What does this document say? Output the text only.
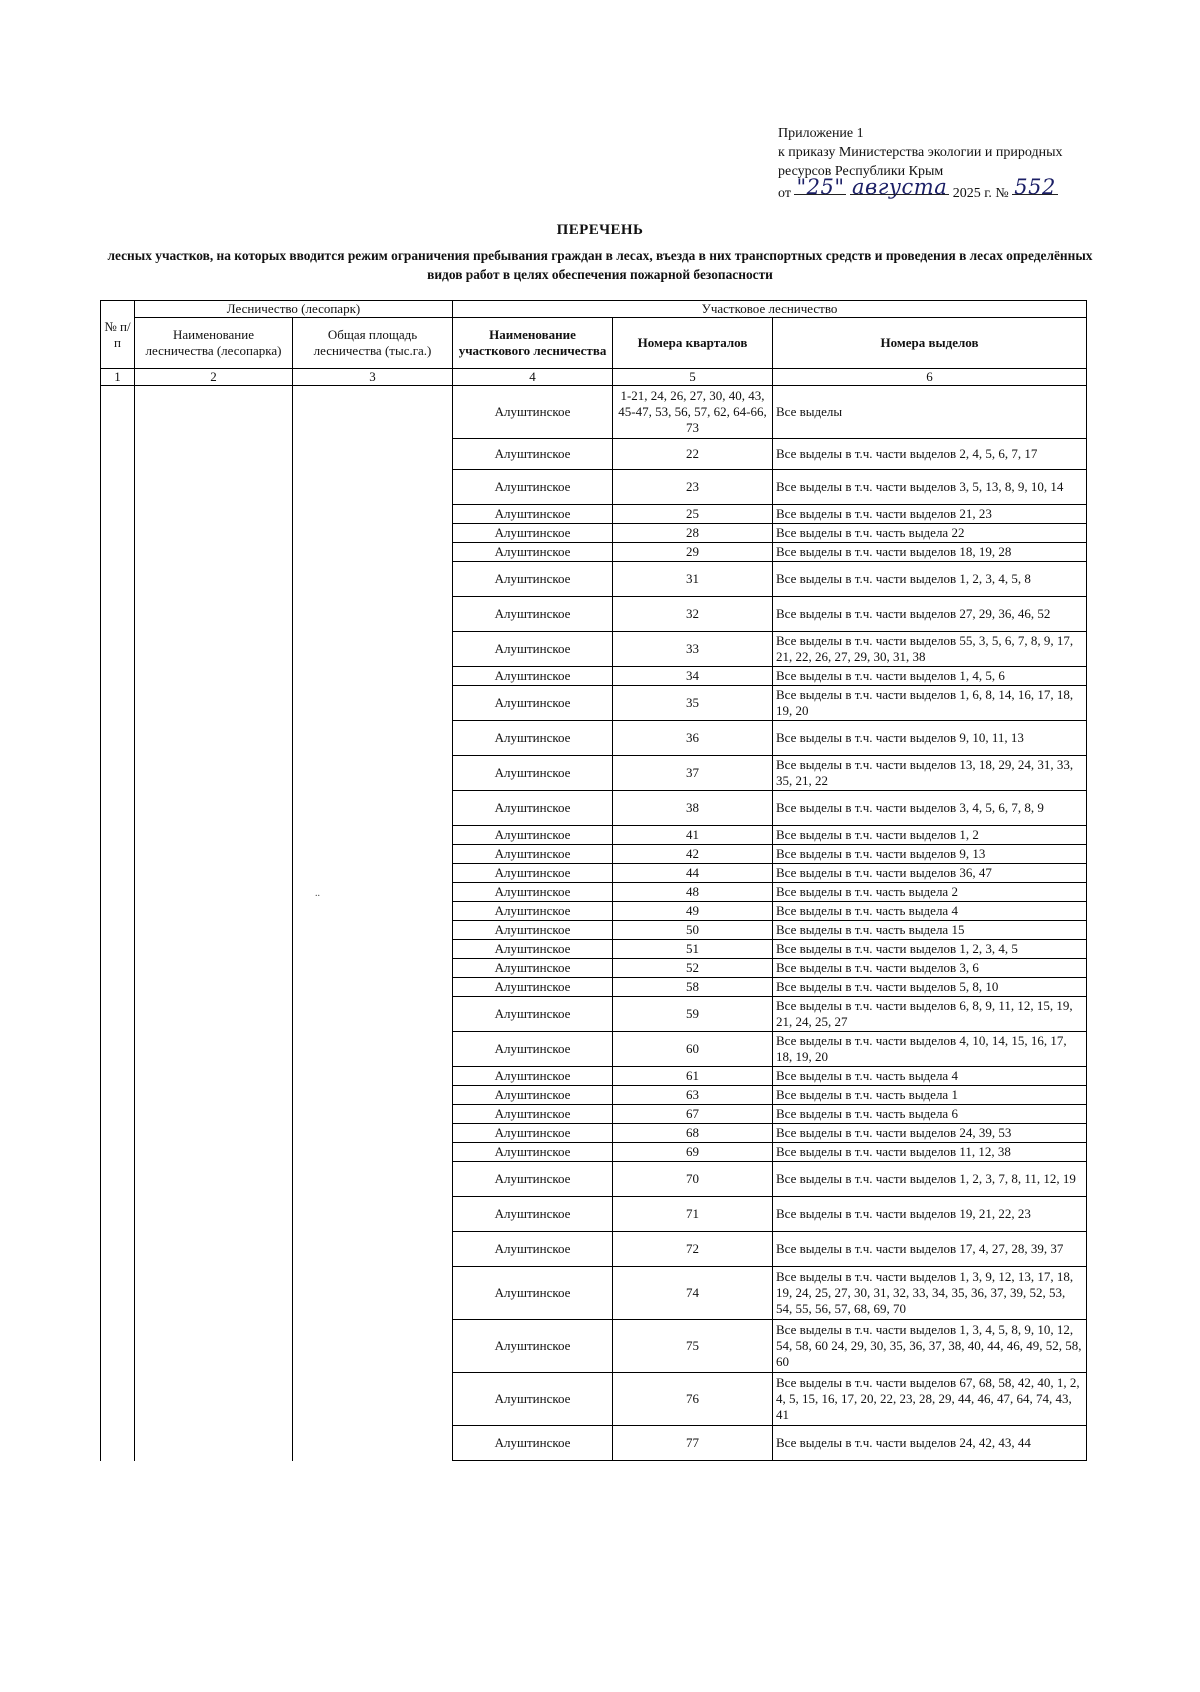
Приложение 1
к приказу Министерства экологии и природных
ресурсов Республики Крым
от "25" августа 2025 г. № 552
ПЕРЕЧЕНЬ
лесных участков, на которых вводится режим ограничения пребывания граждан в лесах, въезда в них транспортных средств и проведения в лесах определённых видов работ в целях обеспечения пожарной безопасности
№ п/п	Лесничество (лесопарк)		Участковое лесничество		
	Наименование лесничества (лесопарка)	Общая площадь лесничества (тыс.га.)	Наименование участкового лесничества	Номера кварталов	Номера выделов
1	2	3	4	5	6
			Алуштинское	1-21, 24, 26, 27, 30, 40, 43, 45-47, 53, 56, 57, 62, 64-66, 73	Все выделы
			Алуштинское	22	Все выделы в т.ч. части выделов 2, 4, 5, 6, 7, 17
			Алуштинское	23	Все выделы в т.ч. части выделов 3, 5, 13, 8, 9, 10, 14
			Алуштинское	25	Все выделы в т.ч. части выделов 21, 23
			Алуштинское	28	Все выделы в т.ч. часть выдела 22
			Алуштинское	29	Все выделы в т.ч. части выделов 18, 19, 28
			Алуштинское	31	Все выделы в т.ч. части выделов 1, 2, 3, 4, 5, 8
			Алуштинское	32	Все выделы в т.ч. части выделов 27, 29, 36, 46, 52
			Алуштинское	33	Все выделы в т.ч. части выделов 55, 3, 5, 6, 7, 8, 9, 17, 21, 22, 26, 27, 29, 30, 31, 38
			Алуштинское	34	Все выделы в т.ч. части выделов 1, 4, 5, 6
			Алуштинское	35	Все выделы в т.ч. части выделов 1, 6, 8, 14, 16, 17, 18, 19, 20
			Алуштинское	36	Все выделы в т.ч. части выделов 9, 10, 11, 13
			Алуштинское	37	Все выделы в т.ч. части выделов 13, 18, 29, 24, 31, 33, 35, 21, 22
			Алуштинское	38	Все выделы в т.ч. части выделов 3, 4, 5, 6, 7, 8, 9
			Алуштинское	41	Все выделы в т.ч. части выделов 1, 2
			Алуштинское	42	Все выделы в т.ч. части выделов 9, 13
			Алуштинское	44	Все выделы в т.ч. части выделов 36, 47
			Алуштинское	48	Все выделы в т.ч. часть выдела 2
			Алуштинское	49	Все выделы в т.ч. часть выдела 4
			Алуштинское	50	Все выделы в т.ч. часть выдела 15
			Алуштинское	51	Все выделы в т.ч. части выделов 1, 2, 3, 4, 5
			Алуштинское	52	Все выделы в т.ч. части выделов 3, 6
			Алуштинское	58	Все выделы в т.ч. части выделов 5, 8, 10
			Алуштинское	59	Все выделы в т.ч. части выделов 6, 8, 9, 11, 12, 15, 19, 21, 24, 25, 27
			Алуштинское	60	Все выделы в т.ч. части выделов 4, 10, 14, 15, 16, 17, 18, 19, 20
			Алуштинское	61	Все выделы в т.ч. часть выдела 4
			Алуштинское	63	Все выделы в т.ч. часть выдела 1
			Алуштинское	67	Все выделы в т.ч. часть выдела 6
			Алуштинское	68	Все выделы в т.ч. части выделов 24, 39, 53
			Алуштинское	69	Все выделы в т.ч. части выделов 11, 12, 38
			Алуштинское	70	Все выделы в т.ч. части выделов 1, 2, 3, 7, 8, 11, 12, 19
			Алуштинское	71	Все выделы в т.ч. части выделов 19, 21, 22, 23
			Алуштинское	72	Все выделы в т.ч. части выделов 17, 4, 27, 28, 39, 37
			Алуштинское	74	Все выделы в т.ч. части выделов 1, 3, 9, 12, 13, 17, 18, 19, 24, 25, 27, 30, 31, 32, 33, 34, 35, 36, 37, 39, 52, 53, 54, 55, 56, 57, 68, 69, 70
			Алуштинское	75	Все выделы в т.ч. части выделов 1, 3, 4, 5, 8, 9, 10, 12, 54, 58, 60 24, 29, 30, 35, 36, 37, 38, 40, 44, 46, 49, 52, 58, 60
			Алуштинское	76	Все выделы в т.ч. части выделов 67, 68, 58, 42, 40, 1, 2, 4, 5, 15, 16, 17, 20, 22, 23, 28, 29, 44, 46, 47, 64, 74, 43, 41
			Алуштинское	77	Все выделы в т.ч. части выделов 24, 42, 43, 44
..
